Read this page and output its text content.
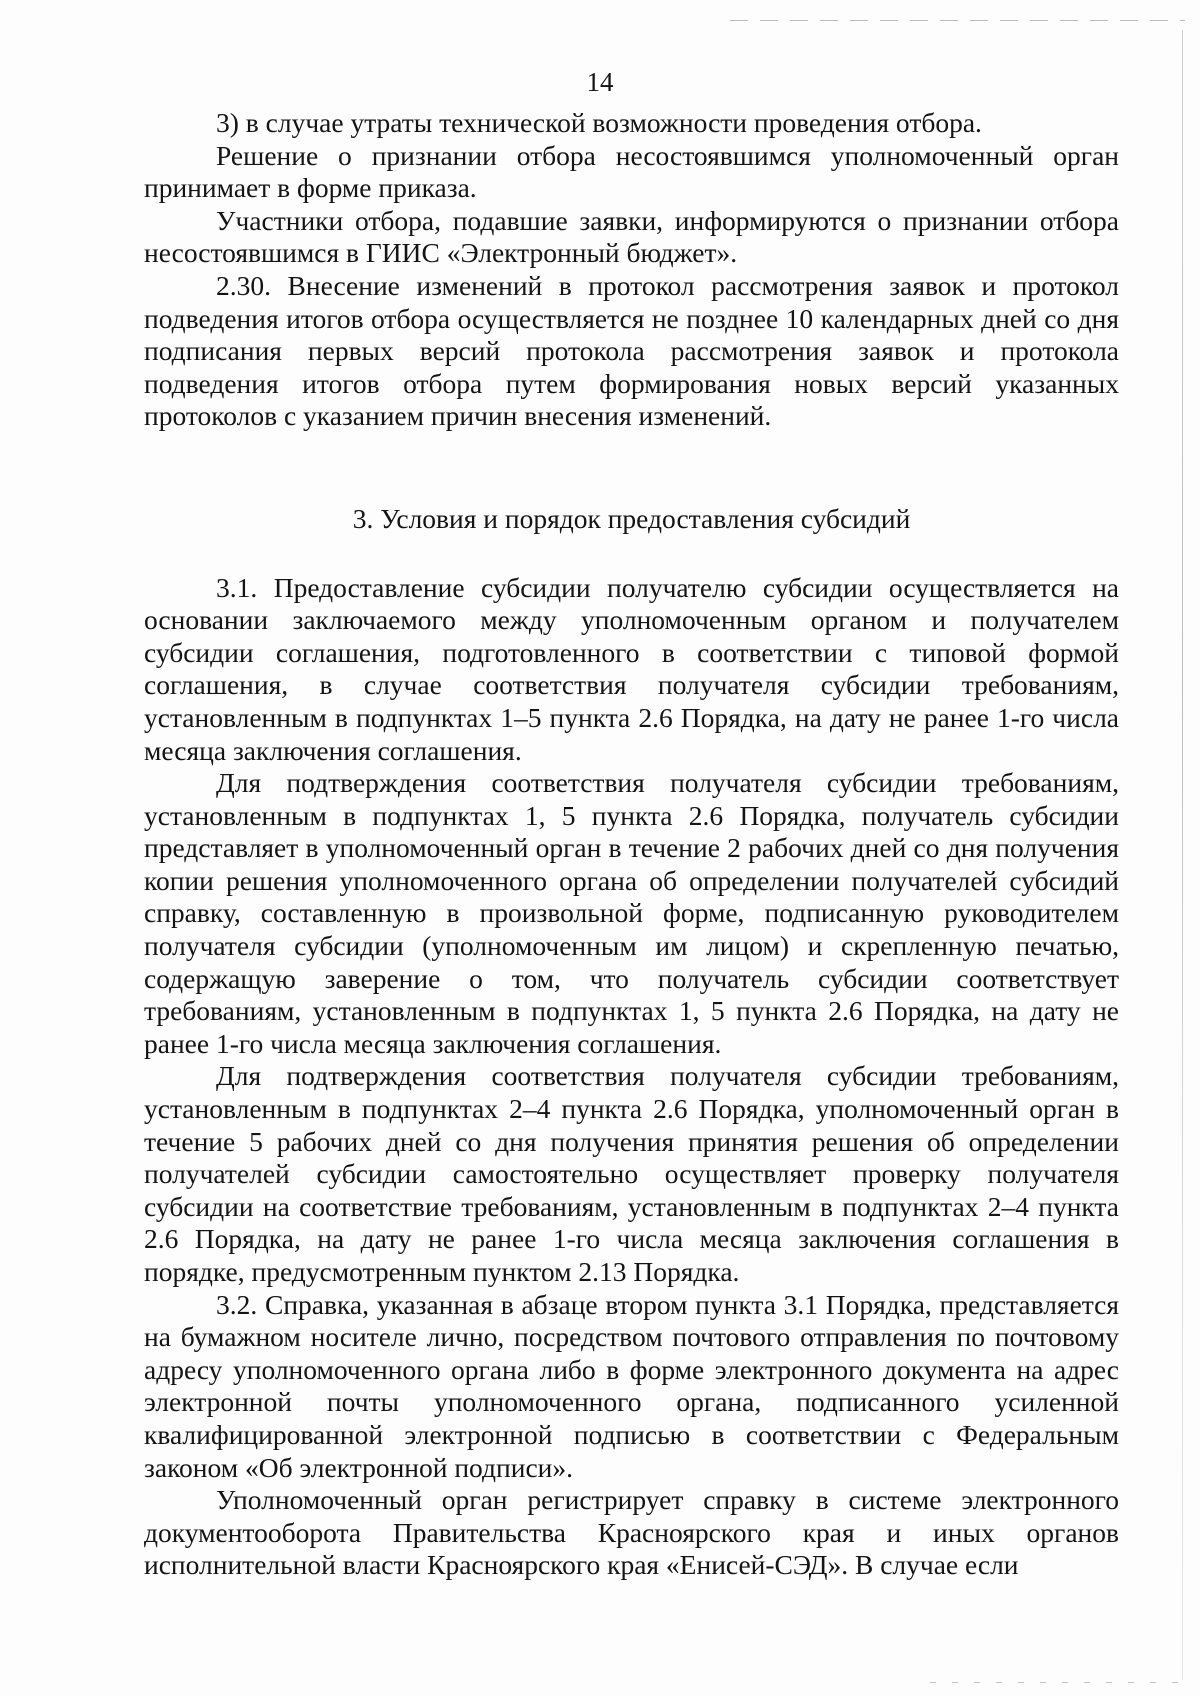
14

3) в случае утраты технической возможности проведения отбора.

Решение о признании отбора несостоявшимся уполномоченный орган принимает в форме приказа.

Участники отбора, подавшие заявки, информируются о признании отбора несостоявшимся в ГИИС «Электронный бюджет».

2.30. Внесение изменений в протокол рассмотрения заявок и протокол подведения итогов отбора осуществляется не позднее 10 календарных дней со дня подписания первых версий протокола рассмотрения заявок и протокола подведения итогов отбора путем формирования новых версий указанных протоколов с указанием причин внесения изменений.

3. Условия и порядок предоставления субсидий

3.1. Предоставление субсидии получателю субсидии осуществляется на основании заключаемого между уполномоченным органом и получателем субсидии соглашения, подготовленного в соответствии с типовой формой соглашения, в случае соответствия получателя субсидии требованиям, установленным в подпунктах 1–5 пункта 2.6 Порядка, на дату не ранее 1-го числа месяца заключения соглашения.

Для подтверждения соответствия получателя субсидии требованиям, установленным в подпунктах 1, 5 пункта 2.6 Порядка, получатель субсидии представляет в уполномоченный орган в течение 2 рабочих дней со дня получения копии решения уполномоченного органа об определении получателей субсидий справку, составленную в произвольной форме, подписанную руководителем получателя субсидии (уполномоченным им лицом) и скрепленную печатью, содержащую заверение о том, что получатель субсидии соответствует требованиям, установленным в подпунктах 1, 5 пункта 2.6 Порядка, на дату не ранее 1-го числа месяца заключения соглашения.

Для подтверждения соответствия получателя субсидии требованиям, установленным в подпунктах 2–4 пункта 2.6 Порядка, уполномоченный орган в течение 5 рабочих дней со дня получения принятия решения об определении получателей субсидии самостоятельно осуществляет проверку получателя субсидии на соответствие требованиям, установленным в подпунктах 2–4 пункта 2.6 Порядка, на дату не ранее 1-го числа месяца заключения соглашения в порядке, предусмотренным пунктом 2.13 Порядка.

3.2. Справка, указанная в абзаце втором пункта 3.1 Порядка, представляется на бумажном носителе лично, посредством почтового отправления по почтовому адресу уполномоченного органа либо в форме электронного документа на адрес электронной почты уполномоченного органа, подписанного усиленной квалифицированной электронной подписью в соответствии с Федеральным законом «Об электронной подписи».

Уполномоченный орган регистрирует справку в системе электронного документооборота Правительства Красноярского края и иных органов исполнительной власти Красноярского края «Енисей-СЭД». В случае если
